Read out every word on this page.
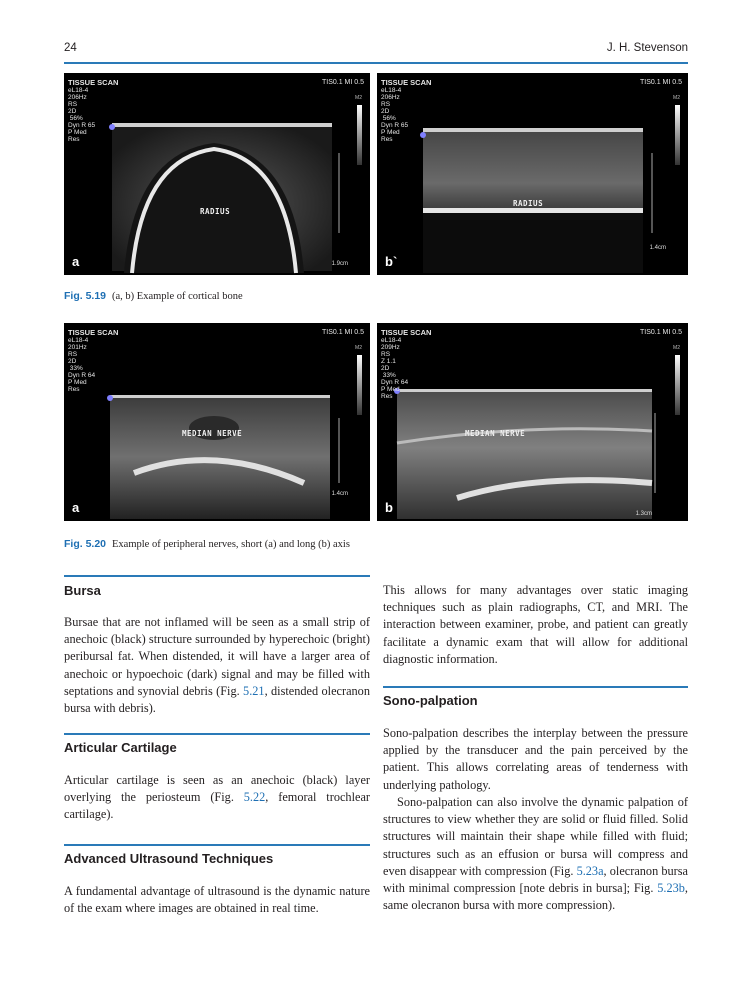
24	J. H. Stevenson
TISSUE SCAN
eL18-4
206Hz
RS
2D
56%
Dyn R 65
P Med
Res
TIS0.1 MI 0.5
M2
RADIUS
1.9cm
a
TISSUE SCAN
eL18-4
206Hz
RS
2D
56%
Dyn R 65
P Med
Res
TIS0.1 MI 0.5
M2
RADIUS
1.4cm
b`
Fig. 5.19 (a, b) Example of cortical bone
TISSUE SCAN
eL18-4
201Hz
RS
2D
33%
Dyn R 64
P Med
Res
TIS0.1 MI 0.5
M2
MEDIAN NERVE
1.4cm
a
TISSUE SCAN
eL18-4
209Hz
RS
Z 1.1
2D
33%
Dyn R 64
P Med
Res
TIS0.1 MI 0.5
M2
MEDIAN NERVE
1.3cm
b
Fig. 5.20 Example of peripheral nerves, short (a) and long (b) axis
Bursa
Bursae that are not inflamed will be seen as a small strip of anechoic (black) structure surrounded by hyperechoic (bright) peribursal fat. When distended, it will have a larger area of anechoic or hypoechoic (dark) signal and may be filled with septations and synovial debris (Fig. 5.21, distended olecranon bursa with debris).
Articular Cartilage
Articular cartilage is seen as an anechoic (black) layer overlying the periosteum (Fig. 5.22, femoral trochlear cartilage).
Advanced Ultrasound Techniques
A fundamental advantage of ultrasound is the dynamic nature of the exam where images are obtained in real time.
This allows for many advantages over static imaging techniques such as plain radiographs, CT, and MRI. The interaction between examiner, probe, and patient can greatly facilitate a dynamic exam that will allow for additional diagnostic information.
Sono-palpation
Sono-palpation describes the interplay between the pressure applied by the transducer and the pain perceived by the patient. This allows correlating areas of tenderness with underlying pathology.
Sono-palpation can also involve the dynamic palpation of structures to view whether they are solid or fluid filled. Solid structures will maintain their shape while filled with fluid; structures such as an effusion or bursa will compress and even disappear with compression (Fig. 5.23a, olecranon bursa with minimal compression [note debris in bursa]; Fig. 5.23b, same olecranon bursa with more compression).
